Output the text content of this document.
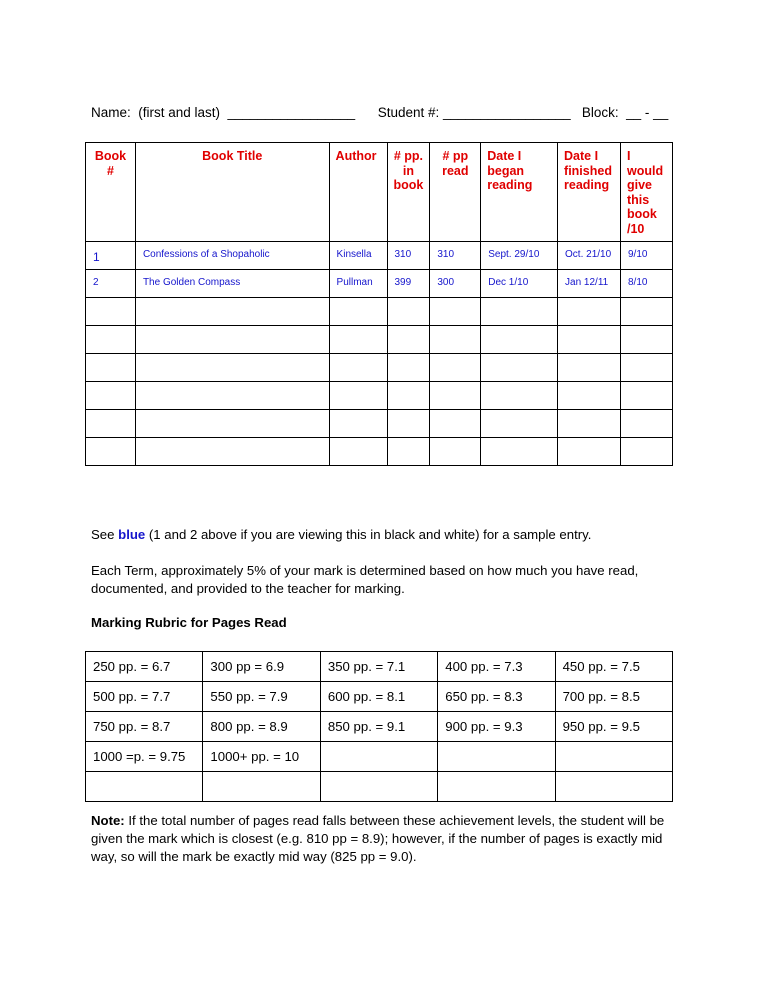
Name:  (first and last)  _________________ Student #: _________________ Block:  __ - __
Book #	Book Title	Author	# pp. in book	# pp read	Date I began reading	Date I finished reading	I would give this book /10
1	Confessions of a Shopaholic	Kinsella	310	310	Sept. 29/10	Oct. 21/10	9/10
2	The Golden Compass	Pullman	399	300	Dec 1/10	Jan 12/11	8/10

See blue (1 and 2 above if you are viewing this in black and white) for a sample entry.
Each Term, approximately 5% of your mark is determined based on how much you have read, documented, and provided to the teacher for marking.
Marking Rubric for Pages Read
250 pp. = 6.7	300 pp = 6.9	350 pp. = 7.1	400 pp. = 7.3	450 pp. = 7.5
500 pp. = 7.7	550 pp. = 7.9	600 pp. = 8.1	650 pp. = 8.3	700 pp. = 8.5
750 pp. = 8.7	800 pp. = 8.9	850 pp. = 9.1	900 pp. = 9.3	950 pp. = 9.5
1000 =p. = 9.75	1000+ pp. = 10			

Note: If the total number of pages read falls between these achievement levels, the student will be given the mark which is closest (e.g. 810 pp = 8.9); however, if the number of pages is exactly mid way, so will the mark be exactly mid way (825 pp = 9.0).
